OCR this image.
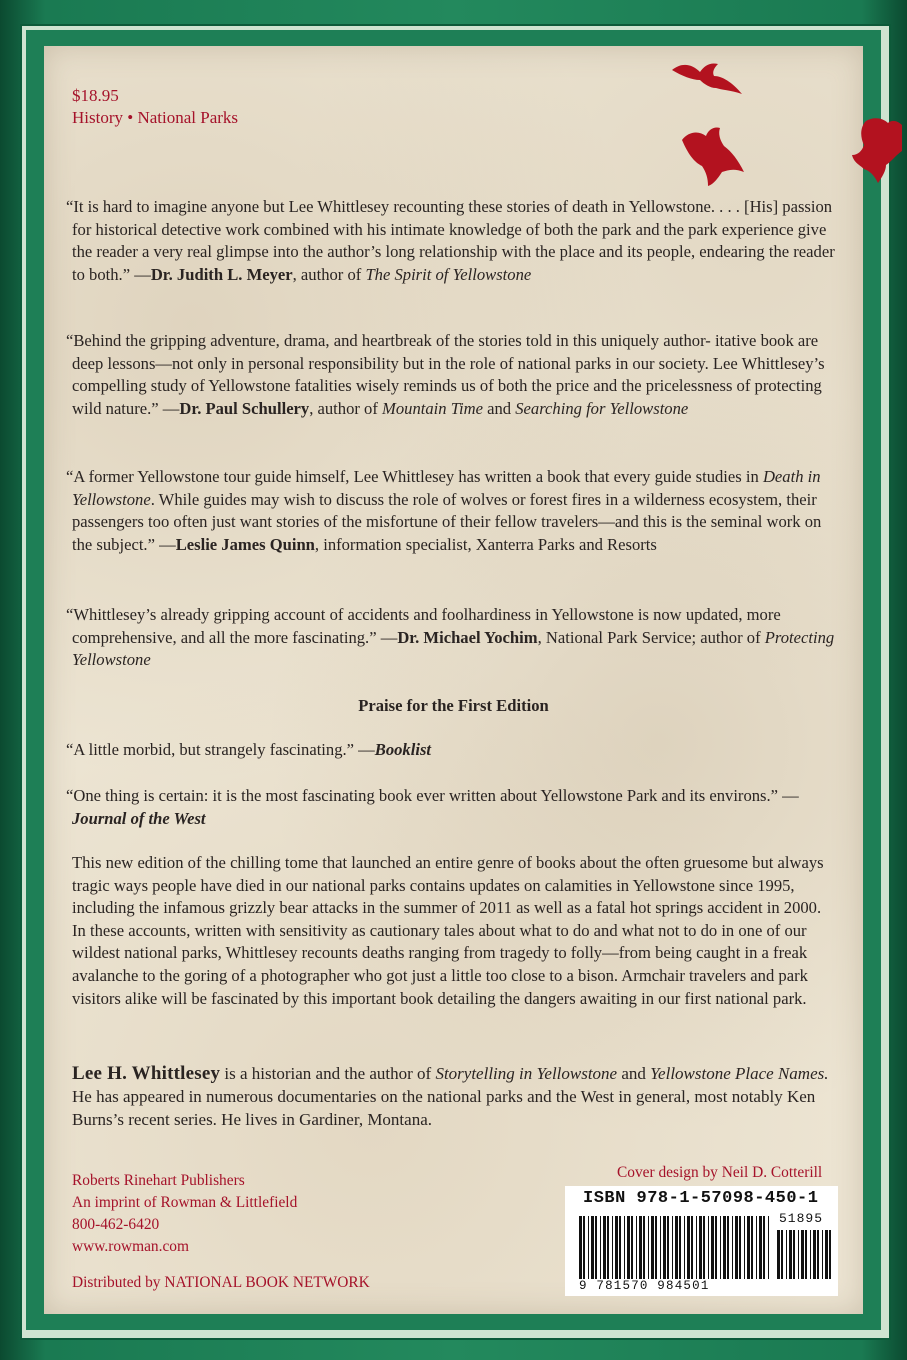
$18.95

History • National Parks

“It is hard to imagine anyone but Lee Whittlesey recounting these stories of death in Yellowstone. . . . [His] passion for historical detective work combined with his intimate knowledge of both the park and the park experience give the reader a very real glimpse into the author’s long relationship with the place and its people, endearing the reader to both.” —Dr. Judith L. Meyer, author of The Spirit of Yellowstone

“Behind the gripping adventure, drama, and heartbreak of the stories told in this uniquely author- itative book are deep lessons—not only in personal responsibility but in the role of national parks in our society. Lee Whittlesey’s compelling study of Yellowstone fatalities wisely reminds us of both the price and the pricelessness of protecting wild nature.” —Dr. Paul Schullery, author of Mountain Time and Searching for Yellowstone

“A former Yellowstone tour guide himself, Lee Whittlesey has written a book that every guide studies in Death in Yellowstone. While guides may wish to discuss the role of wolves or forest fires in a wilderness ecosystem, their passengers too often just want stories of the misfortune of their fellow travelers—and this is the seminal work on the subject.” —Leslie James Quinn, information specialist, Xanterra Parks and Resorts

“Whittlesey’s already gripping account of accidents and foolhardiness in Yellowstone is now updated, more comprehensive, and all the more fascinating.” —Dr. Michael Yochim, National Park Service; author of Protecting Yellowstone

Praise for the First Edition

“A little morbid, but strangely fascinating.” —Booklist

“One thing is certain: it is the most fascinating book ever written about Yellowstone Park and its environs.” —Journal of the West

This new edition of the chilling tome that launched an entire genre of books about the often gruesome but always tragic ways people have died in our national parks contains updates on calamities in Yellowstone since 1995, including the infamous grizzly bear attacks in the summer of 2011 as well as a fatal hot springs accident in 2000. In these accounts, written with sensitivity as cautionary tales about what to do and what not to do in one of our wildest national parks, Whittlesey recounts deaths ranging from tragedy to folly—from being caught in a freak avalanche to the goring of a photographer who got just a little too close to a bison. Armchair travelers and park visitors alike will be fascinated by this important book detailing the dangers awaiting in our first national park.

Lee H. Whittlesey is a historian and the author of Storytelling in Yellowstone and Yellowstone Place Names. He has appeared in numerous documentaries on the national parks and the West in general, most notably Ken Burns’s recent series. He lives in Gardiner, Montana.

Roberts Rinehart Publishers
An imprint of Rowman & Littlefield
800-462-6420
www.rowman.com
Distributed by NATIONAL BOOK NETWORK
Cover design by Neil D. Cotterill
ISBN 978-1-57098-450-1
51895
9 781570 984501
